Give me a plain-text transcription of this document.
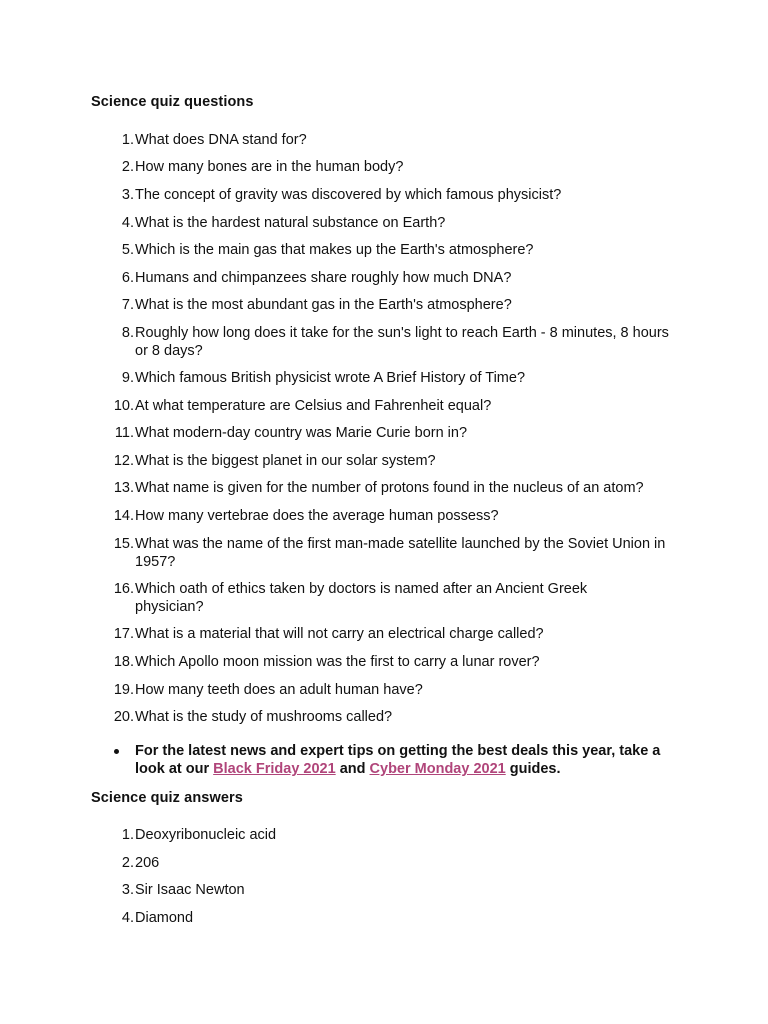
Science quiz questions
1. What does DNA stand for?
2. How many bones are in the human body?
3. The concept of gravity was discovered by which famous physicist?
4. What is the hardest natural substance on Earth?
5. Which is the main gas that makes up the Earth's atmosphere?
6. Humans and chimpanzees share roughly how much DNA?
7. What is the most abundant gas in the Earth's atmosphere?
8. Roughly how long does it take for the sun's light to reach Earth - 8 minutes, 8 hours or 8 days?
9. Which famous British physicist wrote A Brief History of Time?
10. At what temperature are Celsius and Fahrenheit equal?
11. What modern-day country was Marie Curie born in?
12. What is the biggest planet in our solar system?
13. What name is given for the number of protons found in the nucleus of an atom?
14. How many vertebrae does the average human possess?
15. What was the name of the first man-made satellite launched by the Soviet Union in 1957?
16. Which oath of ethics taken by doctors is named after an Ancient Greek physician?
17. What is a material that will not carry an electrical charge called?
18. Which Apollo moon mission was the first to carry a lunar rover?
19. How many teeth does an adult human have?
20. What is the study of mushrooms called?
For the latest news and expert tips on getting the best deals this year, take a look at our Black Friday 2021 and Cyber Monday 2021 guides.
Science quiz answers
1. Deoxyribonucleic acid
2. 206
3. Sir Isaac Newton
4. Diamond
